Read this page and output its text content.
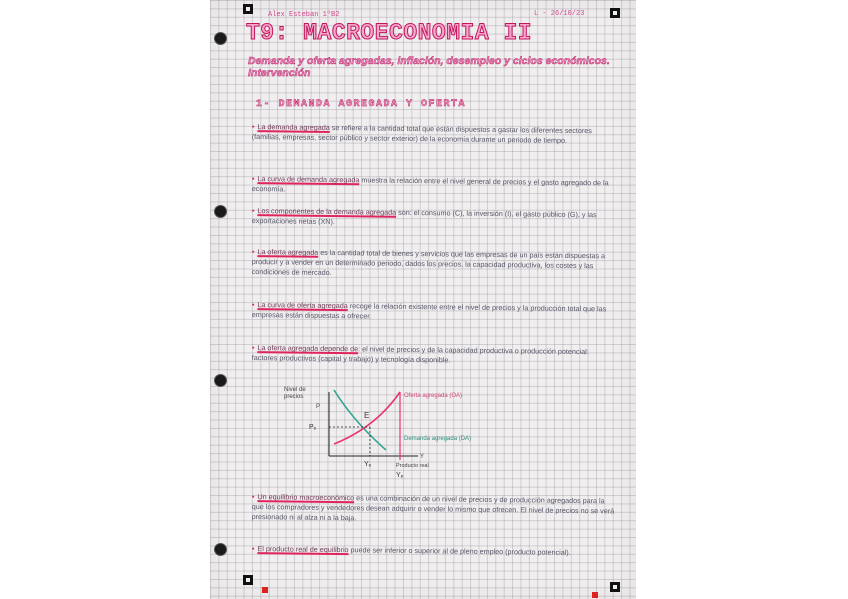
Alex Esteban 1ºB2	L - 26/10/23
T9: MACROECONOMIA II
Demanda y oferta agregadas, inflación, desempleo y ciclos económicos. Intervención
1- DEMANDA AGREGADA Y OFERTA
• La demanda agregada se refiere a la cantidad total que están dispuestos a gastar los diferentes sectores (familias, empresas, sector público y sector exterior) de la economía durante un periodo de tiempo.
• La curva de demanda agregada muestra la relación entre el nivel general de precios y el gasto agregado de la economía.
• Los componentes de la demanda agregada son: el consumo (C), la inversión (I), el gasto público (G), y las exportaciones netas (XN).
• La oferta agregada es la cantidad total de bienes y servicios que las empresas de un país están dispuestas a producir y a vender en un determinado periodo, dados los precios, la capacidad productiva, los costes y las condiciones de mercado.
• La curva de oferta agregada recoge la relación existente entre el nivel de precios y la producción total que las empresas están dispuestas a ofrecer.
• La oferta agregada depende de: el nivel de precios y de la capacidad productiva o producción potencial: factores productivos (capital y trabajo) y tecnología disponible.
Nivel de
precios
P
Y
Producto real
E
Pₑ
Yₑ
Yₚ
Oferta agregada (OA)
Demanda agregada (DA)
• Un equilibrio macroeconómico es una combinación de un nivel de precios y de producción agregados para la que los compradores y vendedores desean adquirir o vender lo mismo que ofrecen. El nivel de precios no se verá presionado ni al alza ni a la baja.
• El producto real de equilibrio puede ser inferior o superior al de pleno empleo (producto potencial).
